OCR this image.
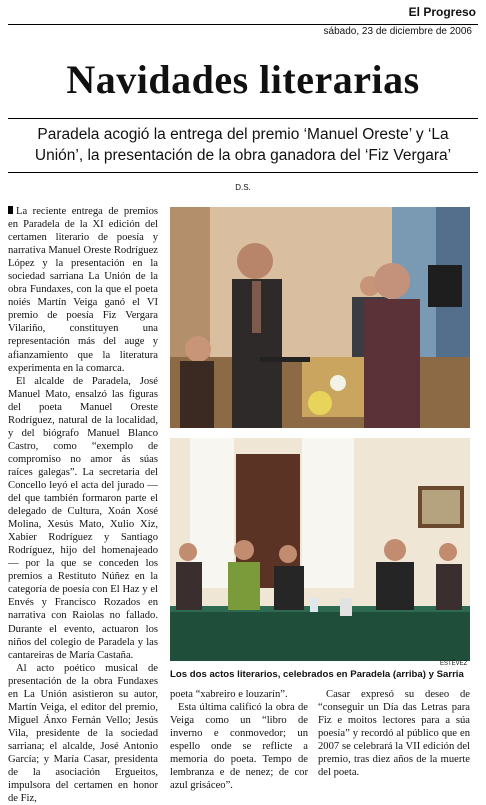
El Progreso
sábado, 23 de diciembre de 2006
Navidades literarias
Paradela acogió la entrega del premio ‘Manuel Oreste’ y ‘La Unión’, la presentación de la obra ganadora del ‘Fiz Vergara’
D.S.

La reciente entrega de premios en Paradela de la XI edición del certamen literario de poesía y narrativa Manuel Oreste Rodríguez López y la presentación en la sociedad sarriana La Unión de la obra Fundaxes, con la que el poeta noiés Martín Veiga ganó el VI premio de poesía Fiz Vergara Vilariño, constituyen una representación más del auge y afianzamiento que la literatura experimenta en la comarca.

El alcalde de Paradela, José Manuel Mato, ensalzó las figuras del poeta Manuel Oreste Rodríguez, natural de la localidad, y del biógrafo Manuel Blanco Castro, como “exemplo de compromiso no amor ás súas raíces galegas”. La secretaria del Concello leyó el acta del jurado —del que también formaron parte el delegado de Cultura, Xoán Xosé Molina, Xesús Mato, Xulio Xiz, Xabier Rodríguez y Santiago Rodríguez, hijo del homenajeado— por la que se conceden los premios a Restituto Núñez en la categoría de poesía con El Haz y el Envés y Francisco Rozados en narrativa con Raiolas no fallado. Durante el evento, actuaron los niños del colegio de Paradela y las cantareiras de María Castaña.

Al acto poético musical de presentación de la obra Fundaxes en La Unión asistieron su autor, Martín Veiga, el editor del premio, Miguel Ánxo Fernán Vello; Jesús Vila, presidente de la sociedad sarriana; el alcalde, José Antonio García; y María Casar, presidenta de la asociación Ergueitos, impulsora del certamen en honor de Fiz,

ESTÉVEZ
Los dos actos literarios, celebrados en Paradela (arriba) y Sarria

poeta “xabreiro e louzarín”.

Esta última calificó la obra de Veiga como un “libro de inverno e conmovedor; un espello onde se reflicte a memoria do poeta. Tempo de lembranza e de nenez; de cor azul grisáceo”.

Casar expresó su deseo de “conseguir un Día das Letras para Fiz e moitos lectores para a súa poesía” y recordó al público que en 2007 se celebrará la VII edición del premio, tras diez años de la muerte del poeta.
